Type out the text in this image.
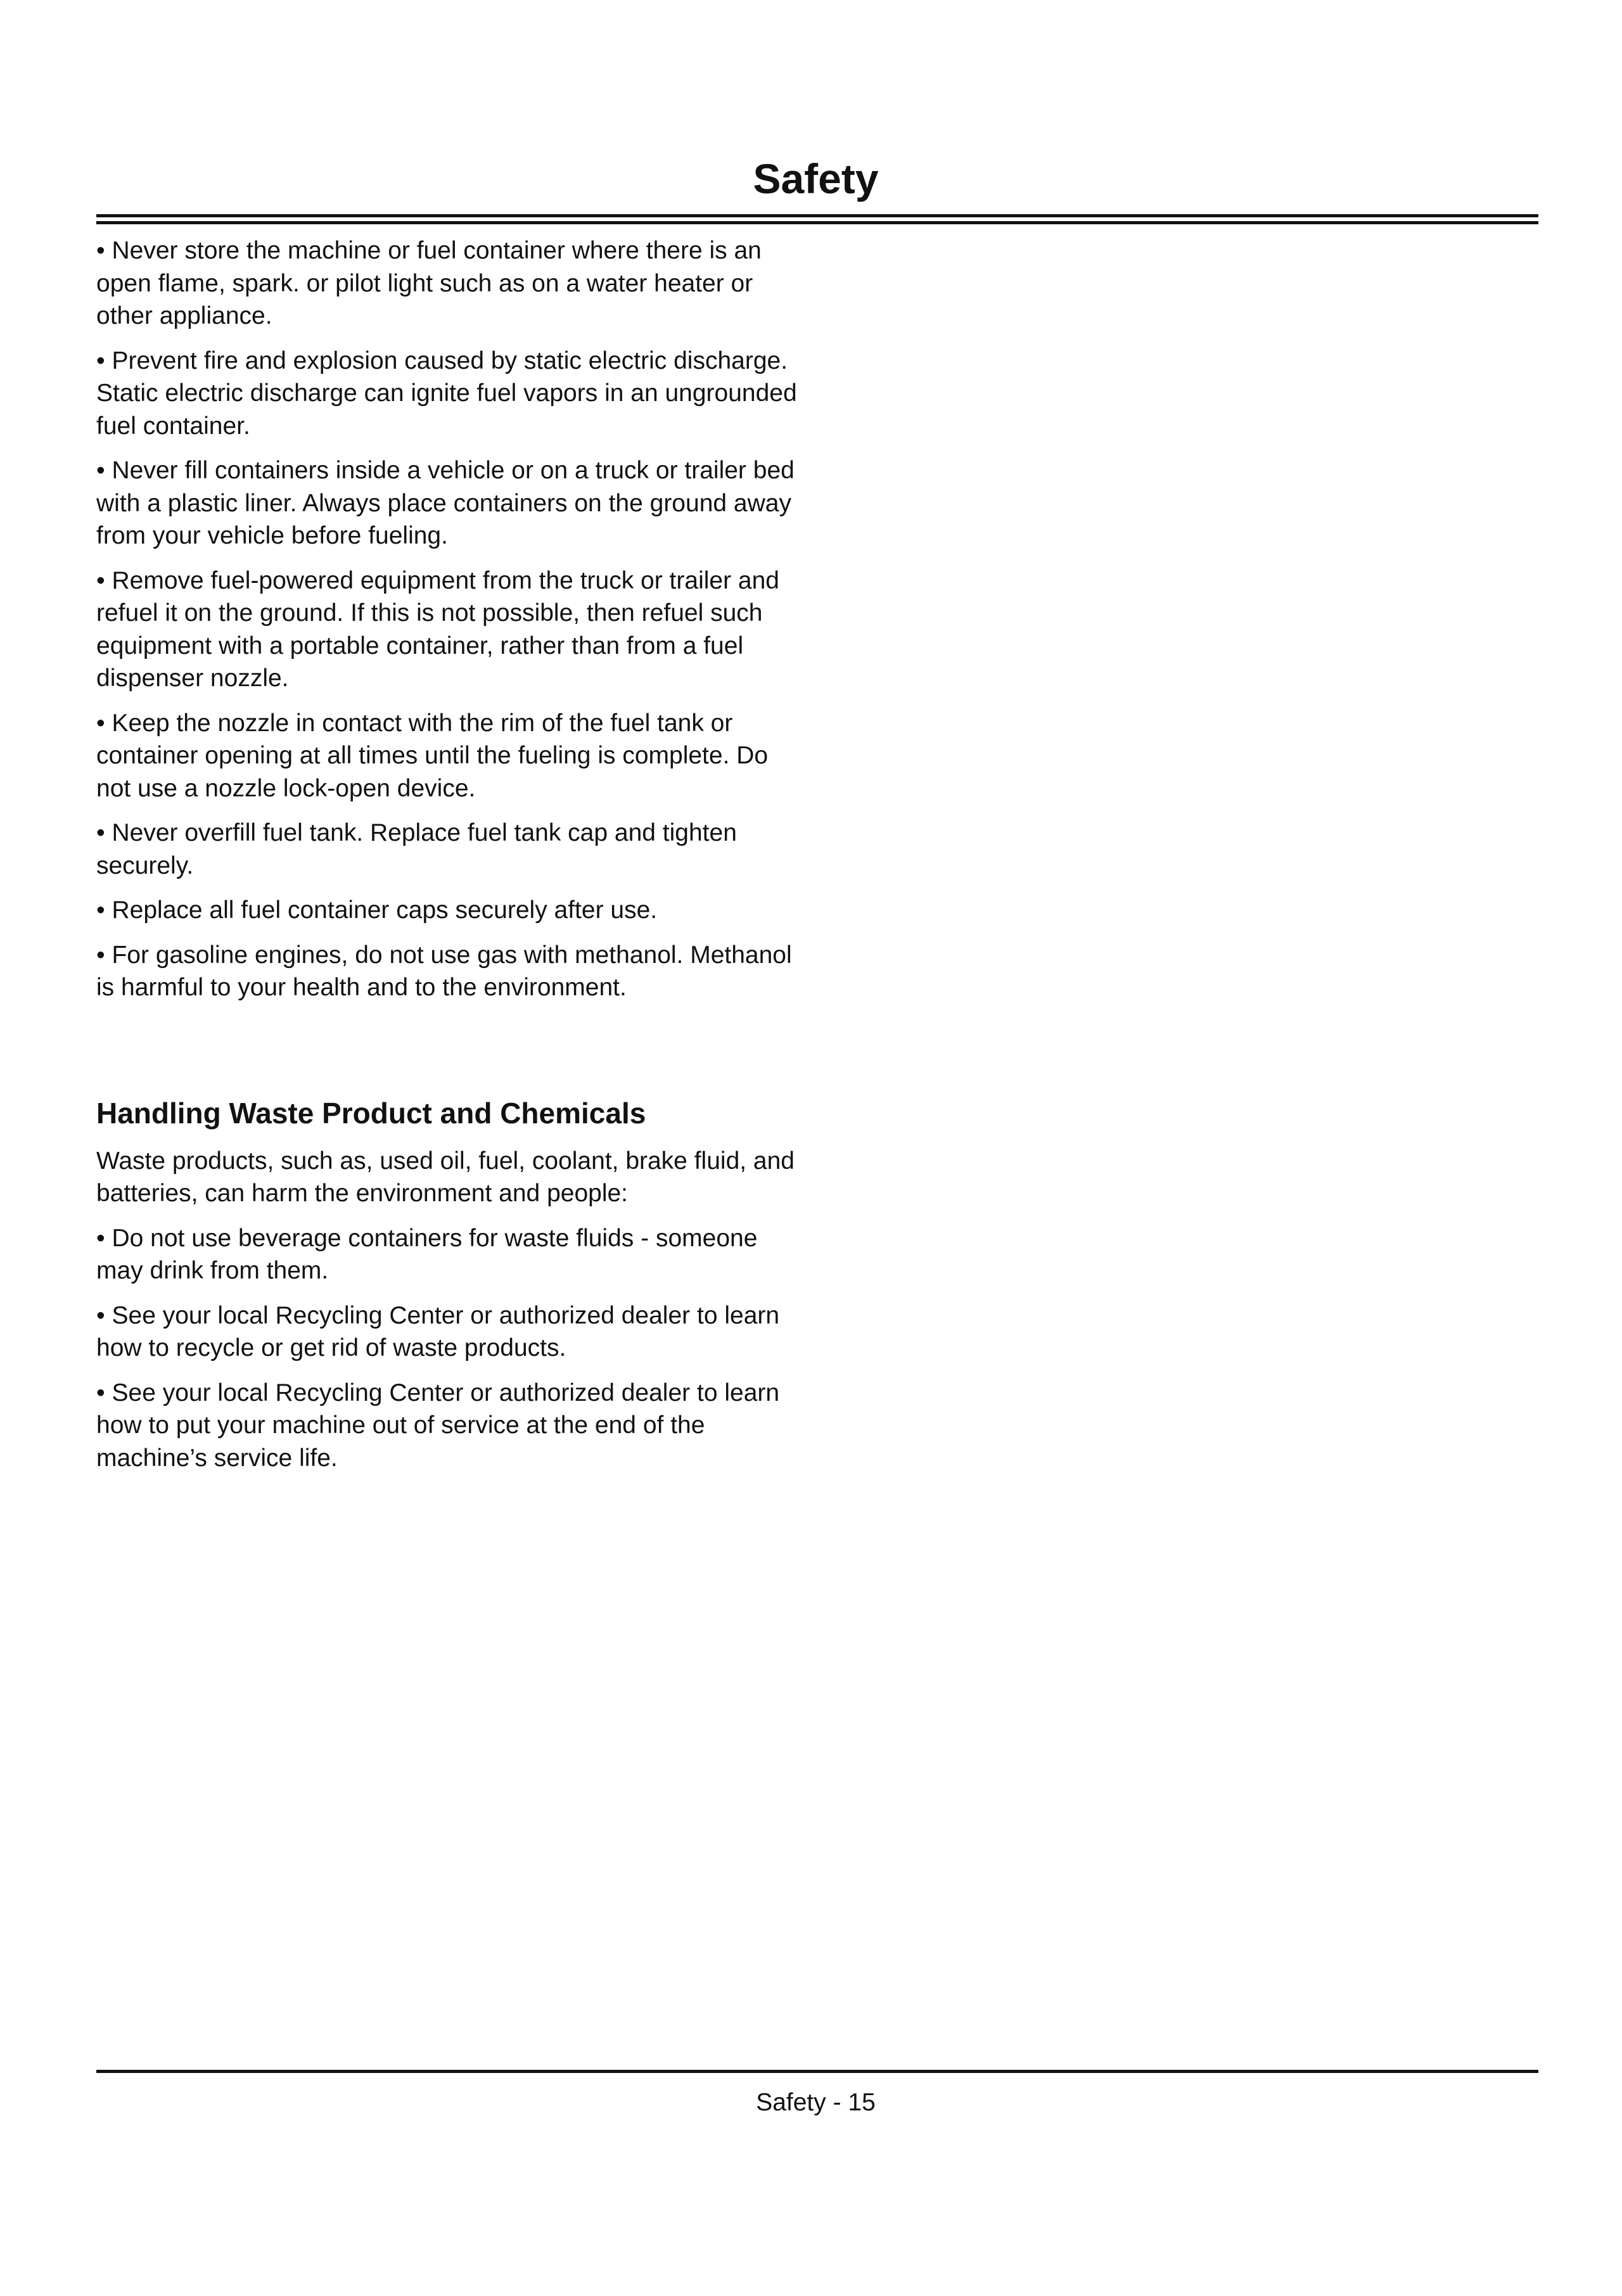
Safety

• Never store the machine or fuel container where there is an open flame, spark. or pilot light such as on a water heater or other appliance.

• Prevent fire and explosion caused by static electric discharge. Static electric discharge can ignite fuel vapors in an ungrounded fuel container.

• Never fill containers inside a vehicle or on a truck or trailer bed with a plastic liner. Always place containers on the ground away from your vehicle before fueling.

• Remove fuel-powered equipment from the truck or trailer and refuel it on the ground. If this is not possible, then refuel such equipment with a portable container, rather than from a fuel dispenser nozzle.

• Keep the nozzle in contact with the rim of the fuel tank or container opening at all times until the fueling is complete. Do not use a nozzle lock-open device.

• Never overfill fuel tank. Replace fuel tank cap and tighten securely.

• Replace all fuel container caps securely after use.

• For gasoline engines, do not use gas with methanol. Methanol is harmful to your health and to the environment.

Handling Waste Product and Chemicals

Waste products, such as, used oil, fuel, coolant, brake fluid, and batteries, can harm the environment and people:

• Do not use beverage containers for waste fluids - someone may drink from them.

• See your local Recycling Center or authorized dealer to learn how to recycle or get rid of waste products.

• See your local Recycling Center or authorized dealer to learn how to put your machine out of service at the end of the machine’s service life.

Safety - 15
